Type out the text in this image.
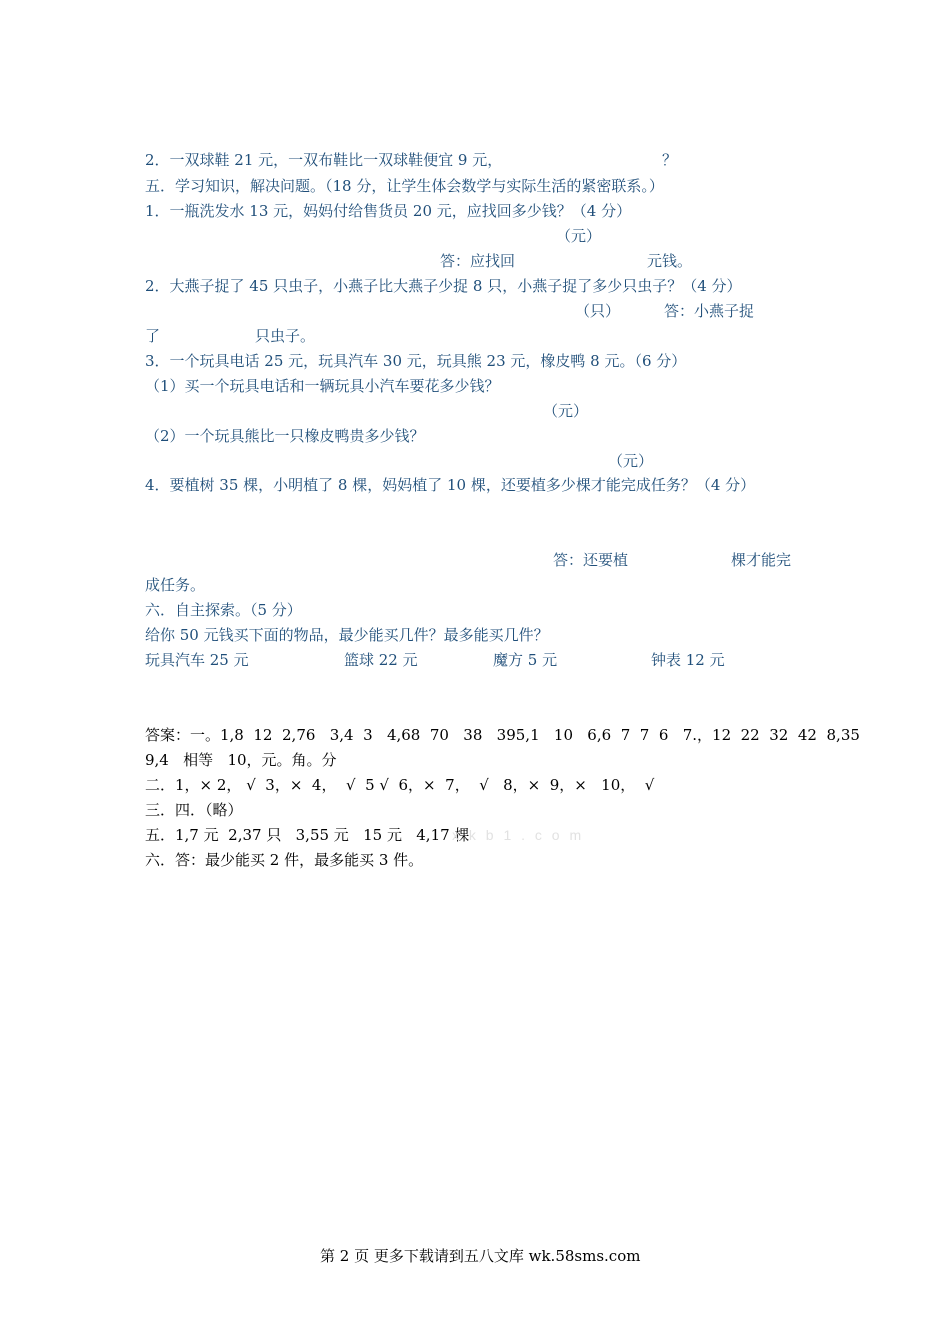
2．一双球鞋 21 元，一双布鞋比一双球鞋便宜 9 元，	？
五．学习知识，解决问题。（18 分，让学生体会数学与实际生活的紧密联系。）
1．一瓶洗发水 13 元，妈妈付给售货员 20 元，应找回多少钱？（4 分）
（元）
答：应找回	元钱。
2．大燕子捉了 45 只虫子，小燕子比大燕子少捉 8 只，小燕子捉了多少只虫子？（4 分）
（只）	答：小燕子捉
了	只虫子。
3．一个玩具电话 25 元，玩具汽车 30 元，玩具熊 23 元，橡皮鸭 8 元。（6 分）
（1）买一个玩具电话和一辆玩具小汽车要花多少钱？
（元）
（2）一个玩具熊比一只橡皮鸭贵多少钱？
（元）
4．要植树 35 棵，小明植了 8 棵，妈妈植了 10 棵，还要植多少棵才能完成任务？（4 分）
答：还要植	棵才能完
成任务。
六．自主探索。（5 分）
给你 50 元钱买下面的物品，最少能买几件？最多能买几件？
玩具汽车 25 元	篮球 22 元	魔方 5 元	钟表 12 元
答案：一。1,8  12  2,76   3,4  3   4,68  70   38   395,1   10   6,6  7  7  6   7.，12  22  32  42  8,35
9,4   相等   10，元。角。分
二．1，× 2， √  3，×  4，  √  5 √  6，×  7，  √   8，×  9，×   10，  √
三．四．（略）
五．1,7 元  2,37 只   3,55 元   15 元   4,17 棵
x k b 1 . c o m
六．答：最少能买 2 件，最多能买 3 件。
第 2 页 更多下载请到五八文库 wk.58sms.com
